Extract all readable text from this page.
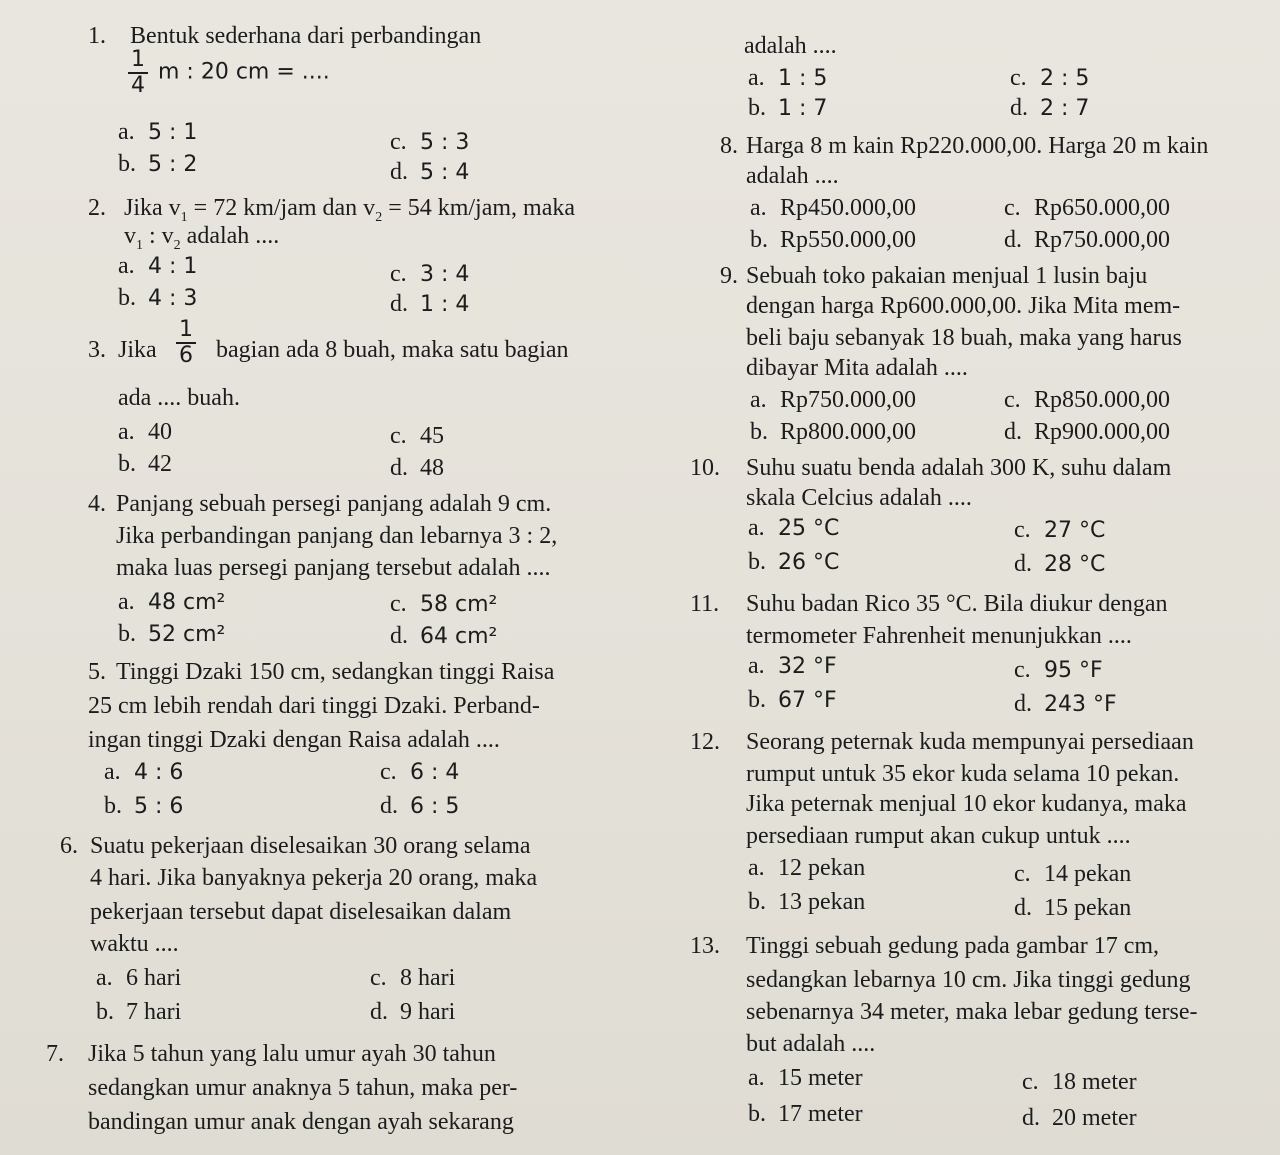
1. Bentuk sederhana dari perbandingan
$\frac{1}{4}$ m : 20 cm = ....
a. 5 : 1
b. 5 : 2
c. 5 : 3
d. 5 : 4
2. Jika $v_1 = 72$ km/jam dan $v_2 = 54$ km/jam, maka
$v_1$ : $v_2$ adalah ....
a. 4 : 1
b. 4 : 3
c. 3 : 4
d. 1 : 4
3. Jika $\frac{1}{6}$ bagian ada 8 buah, maka satu bagian
ada .... buah.
a. 40
b. 42
c. 45
d. 48
4. Panjang sebuah persegi panjang adalah 9 cm.
Jika perbandingan panjang dan lebarnya 3 : 2,
maka luas persegi panjang tersebut adalah ....
a. 48 cm²
b. 52 cm²
c. 58 cm²
d. 64 cm²
5. Tinggi Dzaki 150 cm, sedangkan tinggi Raisa
25 cm lebih rendah dari tinggi Dzaki. Perband-
ingan tinggi Dzaki dengan Raisa adalah ....
a. 4 : 6
b. 5 : 6
c. 6 : 4
d. 6 : 5
6. Suatu pekerjaan diselesaikan 30 orang selama
4 hari. Jika banyaknya pekerja 20 orang, maka
pekerjaan tersebut dapat diselesaikan dalam
waktu ....
a. 6 hari
b. 7 hari
c. 8 hari
d. 9 hari
7. Jika 5 tahun yang lalu umur ayah 30 tahun
sedangkan umur anaknya 5 tahun, maka per-
bandingan umur anak dengan ayah sekarang
adalah ....
a. 1 : 5
b. 1 : 7
c. 2 : 5
d. 2 : 7
8. Harga 8 m kain Rp220.000,00. Harga 20 m kain
adalah ....
a. Rp450.000,00
b. Rp550.000,00
c. Rp650.000,00
d. Rp750.000,00
9. Sebuah toko pakaian menjual 1 lusin baju
dengan harga Rp600.000,00. Jika Mita mem-
beli baju sebanyak 18 buah, maka yang harus
dibayar Mita adalah ....
a. Rp750.000,00
b. Rp800.000,00
c. Rp850.000,00
d. Rp900.000,00
10. Suhu suatu benda adalah 300 K, suhu dalam
skala Celcius adalah ....
a. 25 °C
b. 26 °C
c. 27 °C
d. 28 °C
11. Suhu badan Rico 35 °C. Bila diukur dengan
termometer Fahrenheit menunjukkan ....
a. 32 °F
b. 67 °F
c. 95 °F
d. 243 °F
12. Seorang peternak kuda mempunyai persediaan
rumput untuk 35 ekor kuda selama 10 pekan.
Jika peternak menjual 10 ekor kudanya, maka
persediaan rumput akan cukup untuk ....
a. 12 pekan
b. 13 pekan
c. 14 pekan
d. 15 pekan
13. Tinggi sebuah gedung pada gambar 17 cm,
sedangkan lebarnya 10 cm. Jika tinggi gedung
sebenarnya 34 meter, maka lebar gedung terse-
but adalah ....
a. 15 meter
b. 17 meter
c. 18 meter
d. 20 meter
